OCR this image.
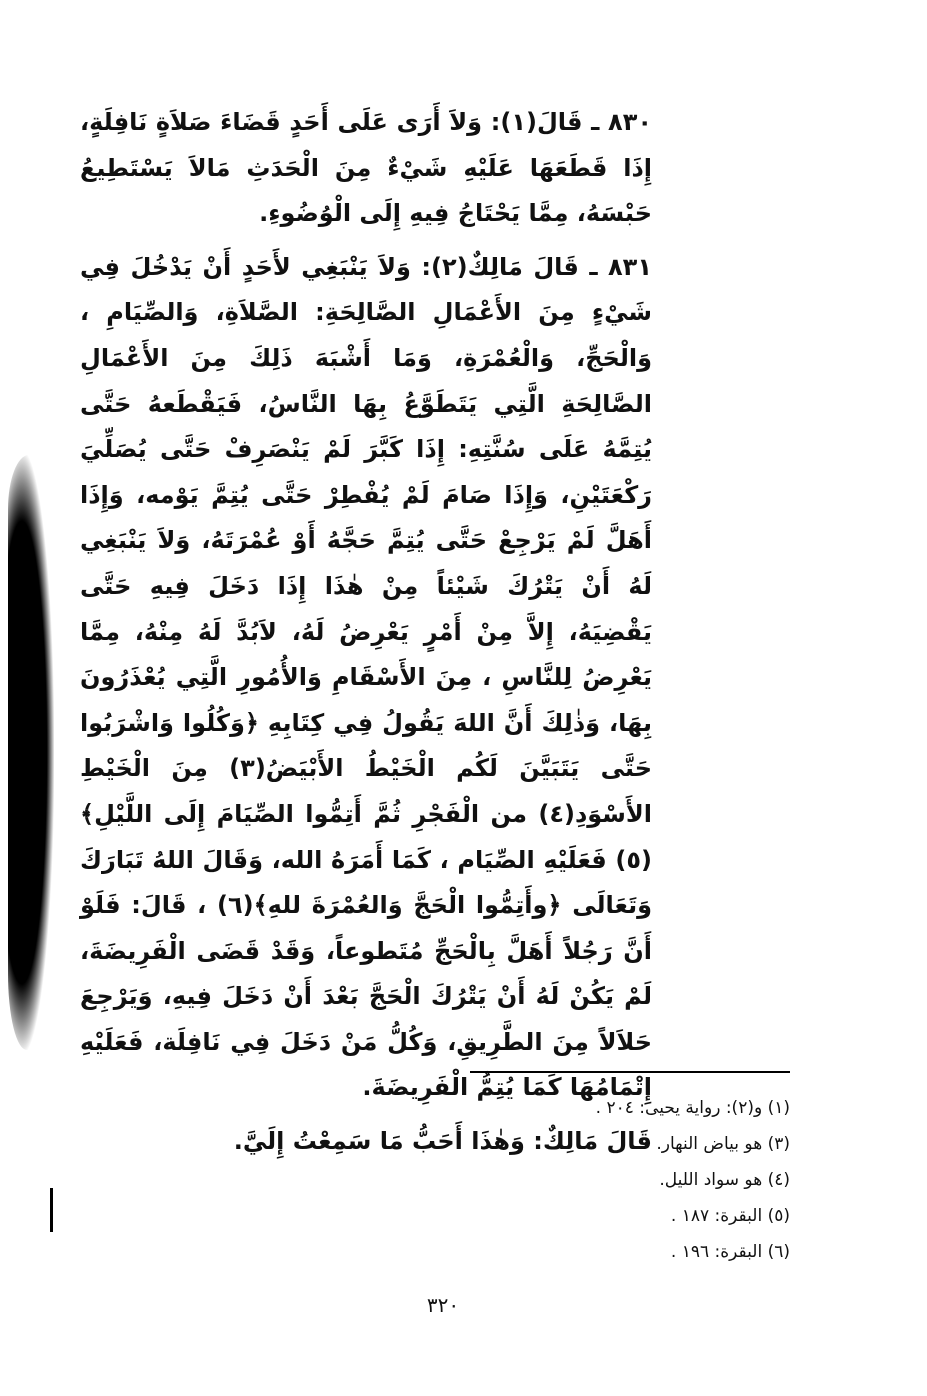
٨٣٠ ـ قَالَ(١): وَلاَ أَرَى عَلَى أَحَدٍ قَضَاءَ صَلاَةٍ نَافِلَةٍ، إِذَا قَطَعَهَا عَلَيْهِ شَيْءٌ مِنَ الْحَدَثِ مَالاَ يَسْتَطِيعُ حَبْسَهُ، مِمَّا يَحْتَاجُ فِيهِ إِلَى الْوُضُوءِ.

٨٣١ ـ قَالَ مَالِكٌ(٢): وَلاَ يَنْبَغِي لأَحَدٍ أَنْ يَدْخُلَ فِي شَيْءٍ مِنَ الأَعْمَالِ الصَّالِحَةِ: الصَّلاَةِ، وَالصِّيَامِ ، وَالْحَجِّ، وَالْعُمْرَةِ، وَمَا أَشْبَهَ ذَلِكَ مِنَ الأَعْمَالِ الصَّالِحَةِ الَّتِي يَتَطَوَّعُ بِهَا النَّاسُ، فَيَقْطَعهُ حَتَّى يُتِمَّهُ عَلَى سُنَّتِهِ: إِذَا كَبَّرَ لَمْ يَنْصَرِفْ حَتَّى يُصَلِّيَ رَكْعَتَيْنِ، وَإِذَا صَامَ لَمْ يُفْطِرْ حَتَّى يُتِمَّ يَوْمه، وَإِذَا أَهَلَّ لَمْ يَرْجِعْ حَتَّى يُتِمَّ حَجَّهُ أَوْ عُمْرَتَهُ، وَلاَ يَنْبَغِي لَهُ أَنْ يَتْرُكَ شَيْئاً مِنْ هٰذَا إِذَا دَخَلَ فِيهِ حَتَّى يَقْضِيَهُ، إِلاَّ مِنْ أَمْرٍ يَعْرِضُ لَهُ، لاَبُدَّ لَهُ مِنْهُ، مِمَّا يَعْرِضُ لِلنَّاسِ ، مِنَ الأَسْقَامِ وَالأُمُورِ الَّتِي يُعْذَرُونَ بِهَا، وَذٰلِكَ أَنَّ اللهَ يَقُولُ فِي كِتَابِهِ ﴿وَكُلُوا وَاشْرَبُوا حَتَّى يَتَبَيَّنَ لَكُم الْخَيْطُ الأَبْيَضُ(٣) مِنَ الْخَيْطِ الأَسْوَدِ(٤) من الْفَجْرِ ثُمَّ أَتِمُّوا الصِّيَامَ إِلَى اللَّيْلِ﴾(٥) فَعَلَيْهِ الصِّيَام ، كَمَا أَمَرَهُ الله، وَقَالَ اللهُ تَبَارَكَ وَتَعَالَى ﴿وأَتِمُّوا الْحَجَّ وَالعُمْرَةَ للهِ﴾(٦) ، قَالَ: فَلَوْ أَنَّ رَجُلاً أَهَلَّ بِالْحَجِّ مُتَطوعاً، وَقَدْ قَضَى الْفَرِيضَةَ، لَمْ يَكُنْ لَهُ أَنْ يَتْرُكَ الْحَجَّ بَعْدَ أَنْ دَخَلَ فِيهِ، وَيَرْجِعَ حَلاَلاً مِنَ الطَّرِيقِ، وَكُلُّ مَنْ دَخَلَ فِي نَافِلَة، فَعَلَيْهِ إِتْمَامُهَا كَمَا يُتِمُّ الْفَرِيضَةَ.

قَالَ مَالِكٌ: وَهٰذَا أَحَبُّ مَا سَمِعْتُ إِلَيَّ.

(١) و(٢): رواية يحيى: ٢٠٤ .
(٣) هو بياض النهار.
(٤) هو سواد الليل.
(٥) البقرة: ١٨٧ .
(٦) البقرة: ١٩٦ .
٣٢٠
